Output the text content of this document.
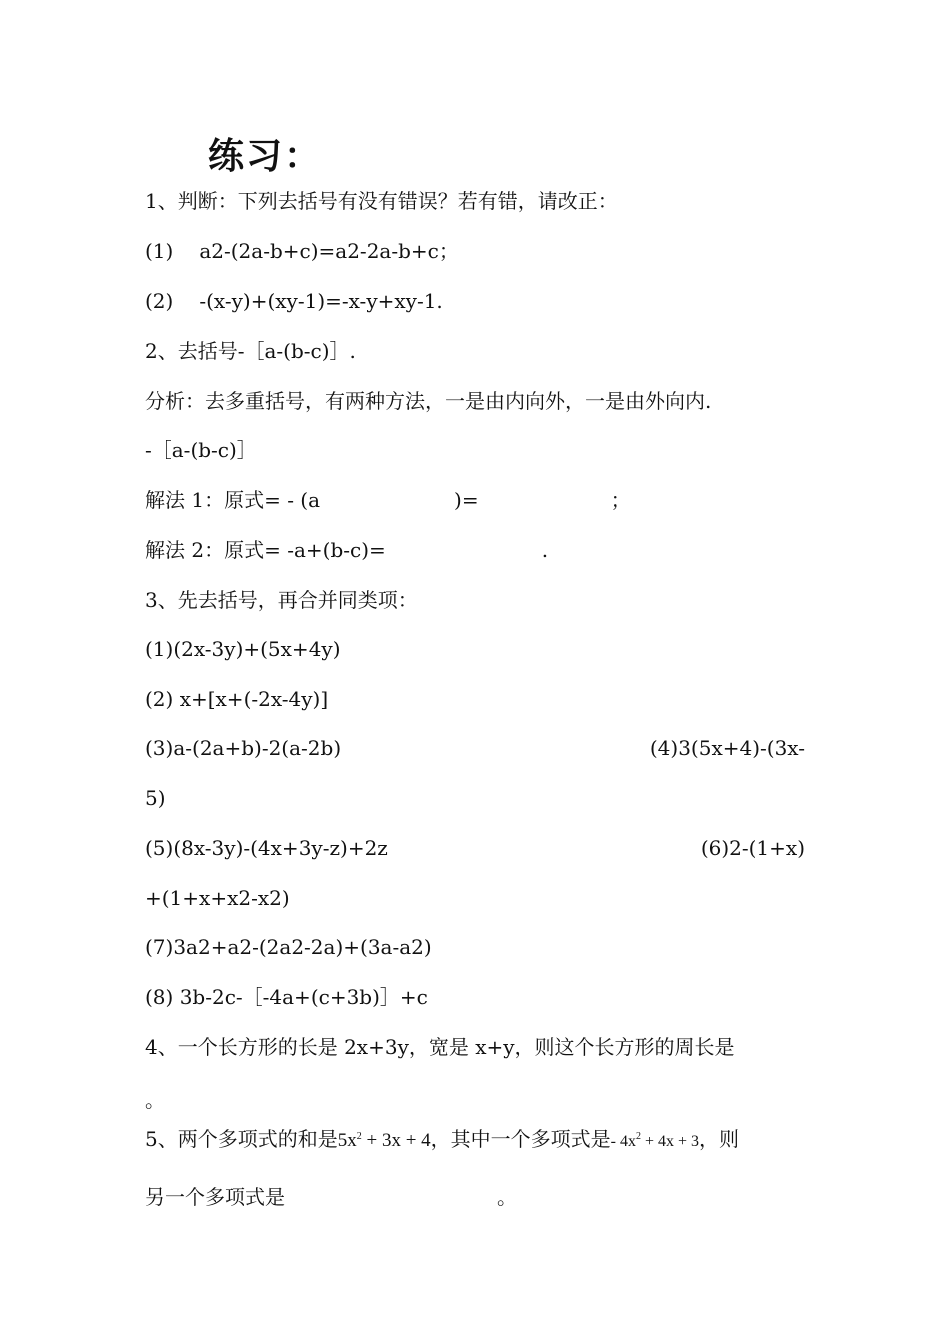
练习：
1、判断：下列去括号有没有错误？若有错，请改正：
(1) a2-(2a-b+c)=a2-2a-b+c；
(2) -(x-y)+(xy-1)=-x-y+xy-1.
2、去括号-［a-(b-c)］.
分析：去多重括号，有两种方法，一是由内向外，一是由外向内.
-［a-(b-c)］
解法 1：原式= - (a	)=	；
解法 2：原式= -a+(b-c)=	.
3、先去括号，再合并同类项：
(1)(2x-3y)+(5x+4y)
(2) x+[x+(-2x-4y)]
(3)a-(2a+b)-2(a-2b)	(4)3(5x+4)-(3x-
5)
(5)(8x-3y)-(4x+3y-z)+2z	(6)2-(1+x)
+(1+x+x2-x2)
(7)3a2+a2-(2a2-2a)+(3a-a2)
(8) 3b-2c-［-4a+(c+3b)］+c
4、一个长方形的长是 2x+3y，宽是 x+y，则这个长方形的周长是
。
5、两个多项式的和是$5x^2 + 3x + 4$，其中一个多项式是- $4x^2 + 4x + 3$，则
另一个多项式是	。
